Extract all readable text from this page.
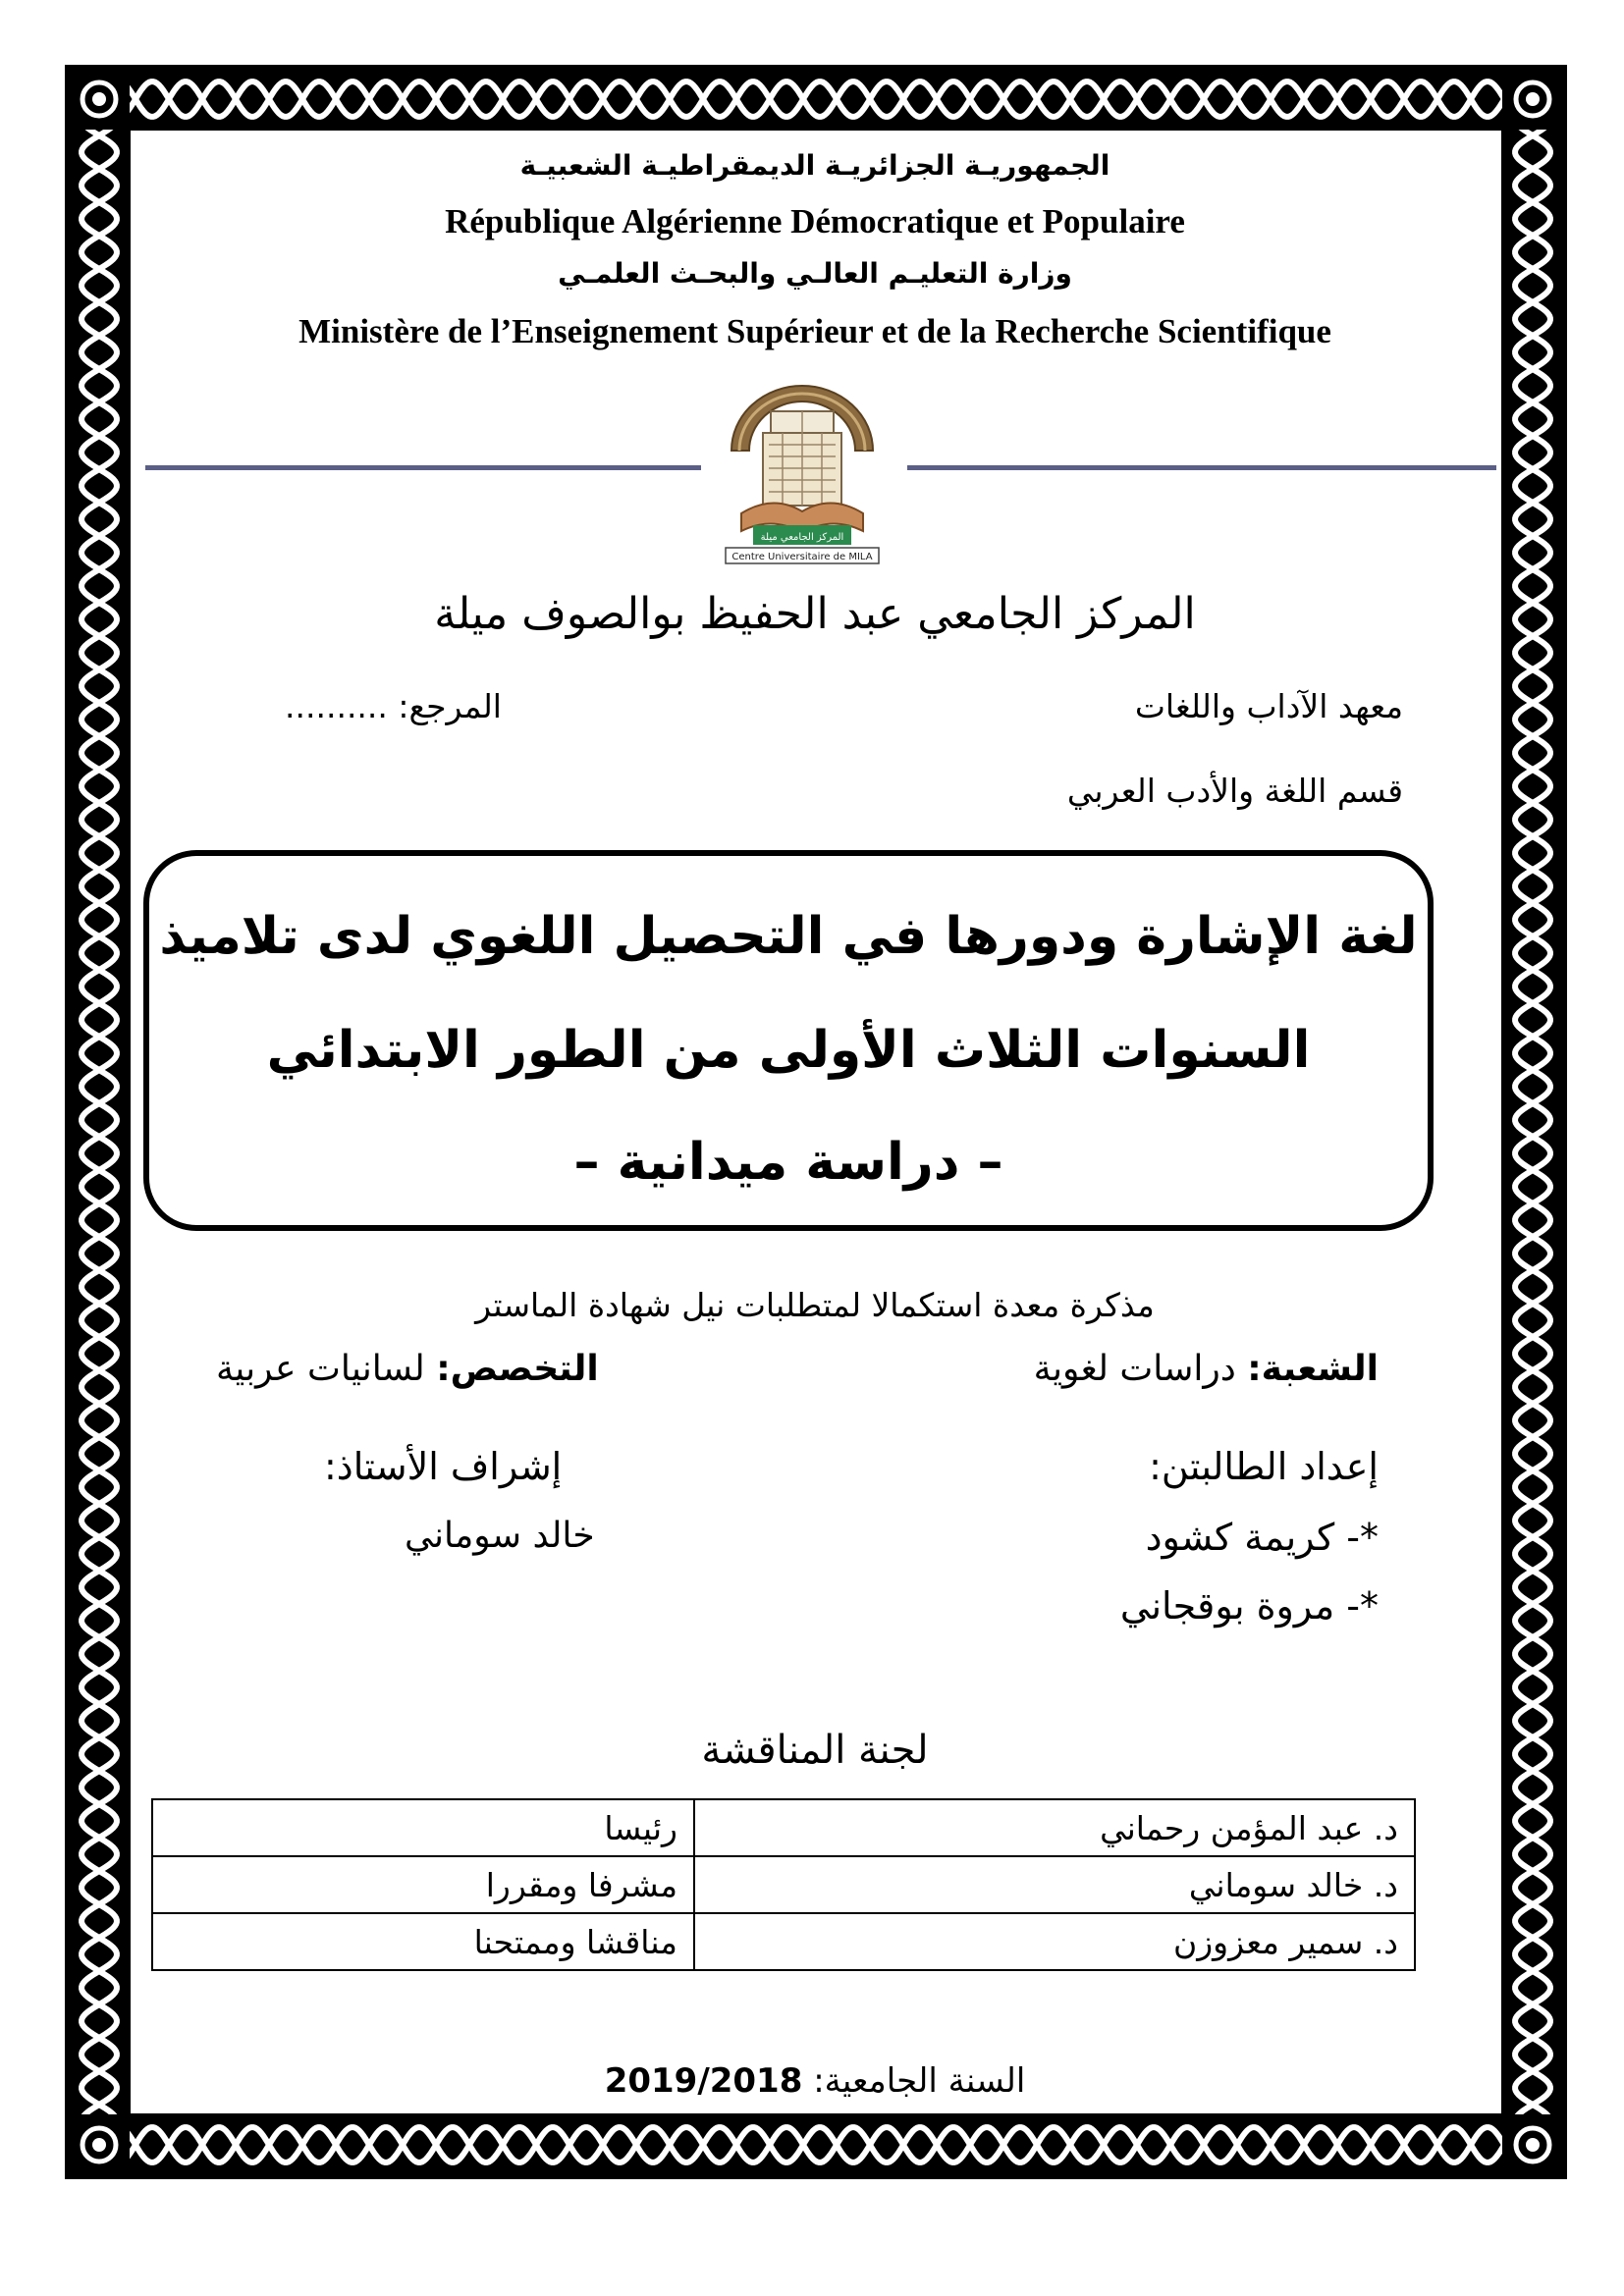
الجمهوريـة الجزائريـة الديمقراطيـة الشعبيـة
République Algérienne Démocratique et Populaire
وزارة التعليـم العالـي والبحـث العلمـي
Ministère de l’Enseignement Supérieur et de la Recherche Scientifique
المركز الجامعي ميلة
Centre Universitaire de MILA
المركز الجامعي عبد الحفيظ بوالصوف ميلة
معهد الآداب واللغات
المرجع: ..........
قسم اللغة والأدب العربي
لغة الإشارة ودورها في التحصيل اللغوي لدى تلاميذ
السنوات الثلاث الأولى من الطور الابتدائي
– دراسة ميدانية –
مذكرة معدة استكمالا لمتطلبات نيل شهادة الماستر
الشعبة: دراسات لغوية
التخصص: لسانيات عربية
إعداد الطالبتن:
إشراف الأستاذ:
*- كريمة كشود
*- مروة بوقجاني
خالد سوماني
لجنة المناقشة
د. عبد المؤمن رحماني	رئيسا
د. خالد سوماني	مشرفا ومقررا
د. سمير معزوزن	مناقشا وممتحنا
السنة الجامعية: 2019/2018
